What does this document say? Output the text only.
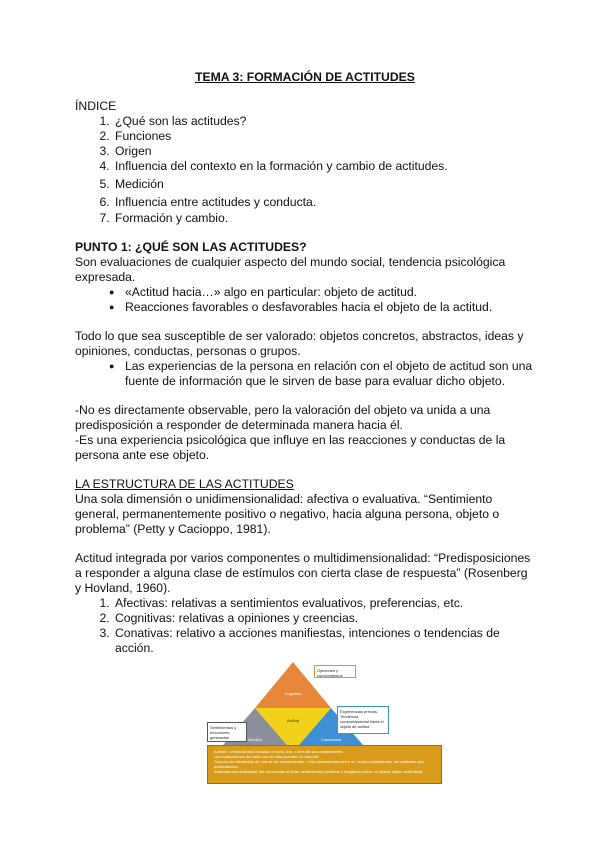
TEMA 3: FORMACIÓN DE ACTITUDES
ÍNDICE
1. ¿Qué son las actitudes?
2. Funciones
3. Origen
4. Influencia del contexto en la formación y cambio de actitudes.
5. Medición
6. Influencia entre actitudes y conducta.
7. Formación y cambio.
PUNTO 1: ¿QUÉ SON LAS ACTITUDES?
Son evaluaciones de cualquier aspecto del mundo social, tendencia psicológica expresada.
● «Actitud hacia…» algo en particular: objeto de actitud.
● Reacciones favorables o desfavorables hacia el objeto de la actitud.
Todo lo que sea susceptible de ser valorado: objetos concretos, abstractos, ideas y opiniones, conductas, personas o grupos.
● Las experiencias de la persona en relación con el objeto de actitud son una fuente de información que le sirven de base para evaluar dicho objeto.
-No es directamente observable, pero la valoración del objeto va unida a una predisposición a responder de determinada manera hacia él.
-Es una experiencia psicológica que influye en las reacciones y conductas de la persona ante ese objeto.
LA ESTRUCTURA DE LAS ACTITUDES
Una sola dimensión o unidimensionalidad: afectiva o evaluativa. “Sentimiento general, permanentemente positivo o negativo, hacia alguna persona, objeto o problema” (Petty y Cacioppo, 1981).
Actitud integrada por varios componentes o multidimensionalidad: “Predisposiciones a responder a alguna clase de estímulos con cierta clase de respuesta” (Rosenberg y Hovland, 1960).
1. Afectivas: relativas a sentimientos evaluativos, preferencias, etc.
2. Cognitivas: relativas a opiniones y creencias.
3. Conativas: relativo a acciones manifiestas, intenciones o tendencias de acción.
Cognitivo
Actitud
Afectivo	Conductual
Opiniones y conocimientos
Sentimientos y emociones generadas
Experiencias previas. Tendencia comportamental hacia el objeto de actitud
Actitud = evaluaciones basadas en una, dos, o tres de sus componentes
Las evaluaciones de cada una de ellas pueden no coincidir
Cuando los elementos de una de los componentes, o los componentes entre sí, no son coincidentes, las actitudes son ambivalentes.
Ambivalencia actitudinal: Me tendencias al tener sentimientos positivos y negativos sobre un mismo objeto actitudinal.
